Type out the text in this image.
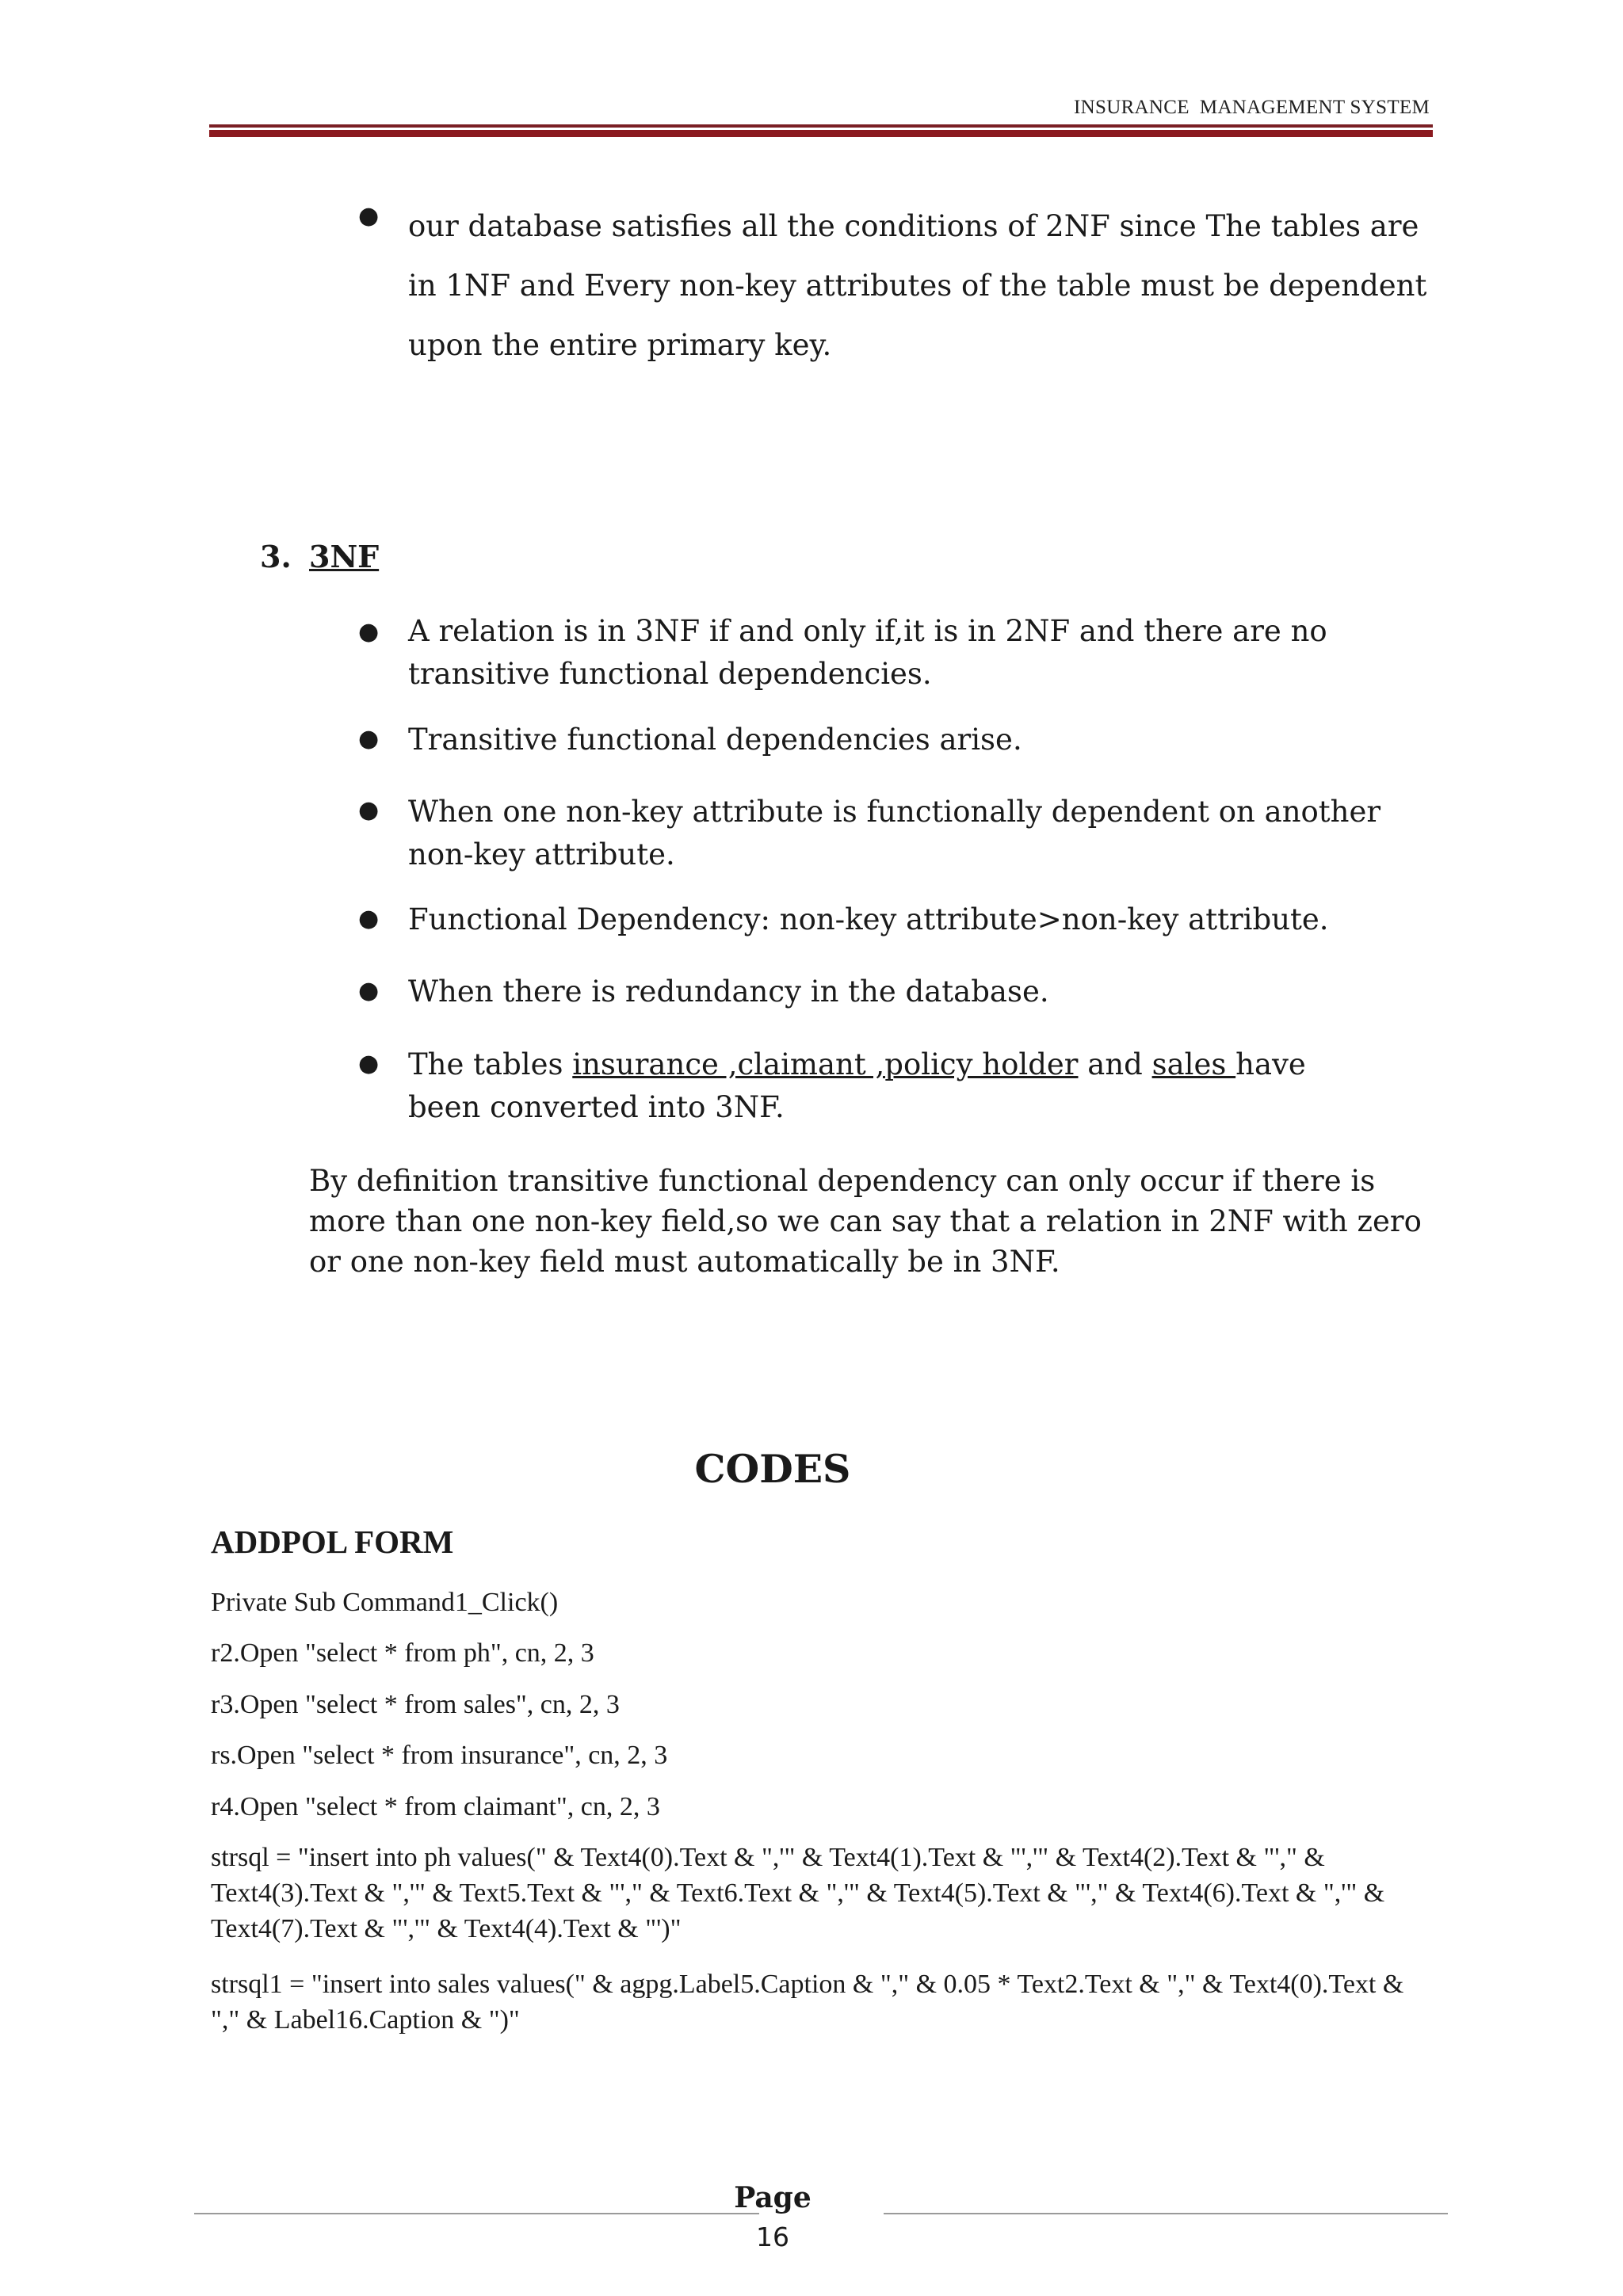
INSURANCE  MANAGEMENT SYSTEM
● our database satisfies all the conditions of 2NF since The tables are in 1NF and Every non-key attributes of the table must be dependent upon the entire primary key.
3. 3NF
● A relation is in 3NF if and only if,it is in 2NF and there are no transitive functional dependencies.
● Transitive functional dependencies arise.
● When one non-key attribute is functionally dependent on another non-key attribute.
● Functional Dependency: non-key attribute>non-key attribute.
● When there is redundancy in the database.
● The tables insurance ,claimant ,policy holder and sales have been converted into 3NF.
By definition transitive functional dependency can only occur if there is more than one non-key field,so we can say that a relation in 2NF with zero or one non-key field must automatically be in 3NF.
CODES
ADDPOL FORM
Private Sub Command1_Click()
r2.Open "select * from ph", cn, 2, 3
r3.Open "select * from sales", cn, 2, 3
rs.Open "select * from insurance", cn, 2, 3
r4.Open "select * from claimant", cn, 2, 3
strsql = "insert into ph values(" & Text4(0).Text & ",'" & Text4(1).Text & "','" & Text4(2).Text & "'," & Text4(3).Text & ",'" & Text5.Text & "'," & Text6.Text & ",'" & Text4(5).Text & "'," & Text4(6).Text & ",'" & Text4(7).Text & "','" & Text4(4).Text & "')"
strsql1 = "insert into sales values(" & agpg.Label5.Caption & "," & 0.05 * Text2.Text & "," & Text4(0).Text & "," & Label16.Caption & ")"
Page
16
